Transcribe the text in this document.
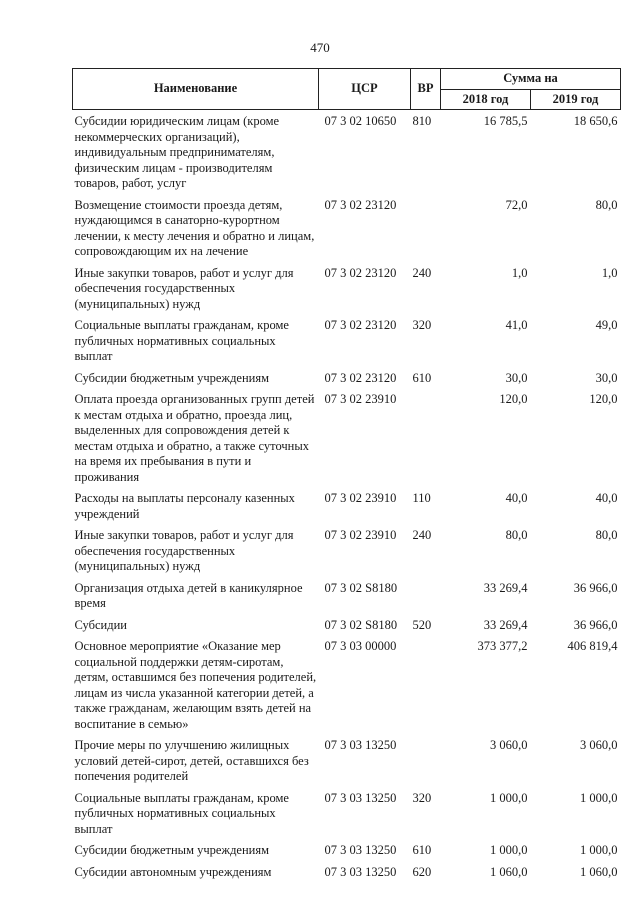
470
Наименование	ЦСР	ВР	Сумма на	
			2018 год	2019 год
Субсидии юридическим лицам (кроме некоммерческих организаций), индивидуальным предпринимателям, физическим лицам - производителям товаров, работ, услуг	07 3 02 10650	810	16 785,5	18 650,6
Возмещение стоимости проезда детям, нуждающимся в санаторно-курортном лечении, к месту лечения и обратно и лицам, сопровождающим их на лечение	07 3 02 23120		72,0	80,0
Иные закупки товаров, работ и услуг для обеспечения государственных (муниципальных) нужд	07 3 02 23120	240	1,0	1,0
Социальные выплаты гражданам, кроме публичных нормативных социальных выплат	07 3 02 23120	320	41,0	49,0
Субсидии бюджетным учреждениям	07 3 02 23120	610	30,0	30,0
Оплата проезда организованных групп детей к местам отдыха и обратно, проезда лиц, выделенных для сопровождения детей к местам отдыха и обратно, а также суточных на время их пребывания в пути и проживания	07 3 02 23910		120,0	120,0
Расходы на выплаты персоналу казенных учреждений	07 3 02 23910	110	40,0	40,0
Иные закупки товаров, работ и услуг для обеспечения государственных (муниципальных) нужд	07 3 02 23910	240	80,0	80,0
Организация отдыха детей в каникулярное время	07 3 02 S8180		33 269,4	36 966,0
Субсидии	07 3 02 S8180	520	33 269,4	36 966,0
Основное мероприятие «Оказание мер социальной поддержки детям-сиротам, детям, оставшимся без попечения родителей, лицам из числа указанной категории детей, а также гражданам, желающим взять детей на воспитание в семью»	07 3 03 00000		373 377,2	406 819,4
Прочие меры по улучшению жилищных условий детей-сирот, детей, оставшихся без попечения родителей	07 3 03 13250		3 060,0	3 060,0
Социальные выплаты гражданам, кроме публичных нормативных социальных выплат	07 3 03 13250	320	1 000,0	1 000,0
Субсидии бюджетным учреждениям	07 3 03 13250	610	1 000,0	1 000,0
Субсидии автономным учреждениям	07 3 03 13250	620	1 060,0	1 060,0
